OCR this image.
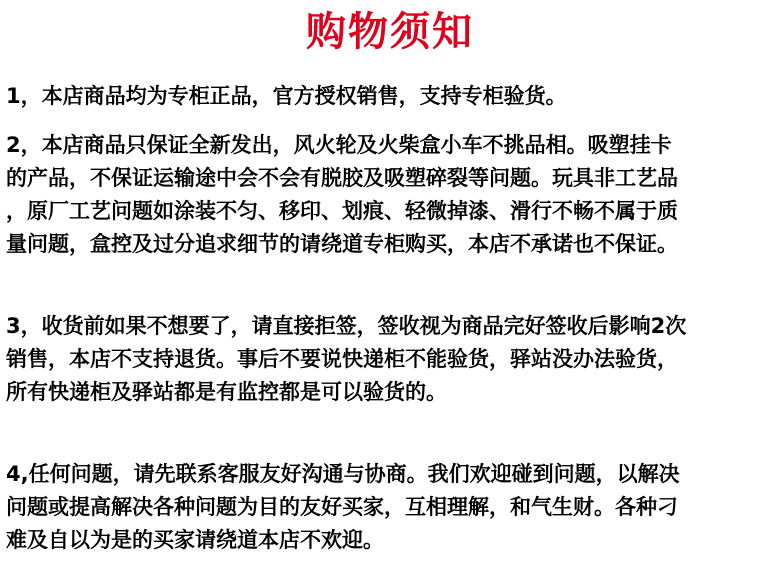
购物须知
1，本店商品均为专柜正品，官方授权销售，支持专柜验货。
2，本店商品只保证全新发出，风火轮及火柴盒小车不挑品相。吸塑挂卡
的产品，不保证运输途中会不会有脱胶及吸塑碎裂等问题。玩具非工艺品
，原厂工艺问题如涂装不匀、移印、划痕、轻微掉漆、滑行不畅不属于质
量问题，盒控及过分追求细节的请绕道专柜购买，本店不承诺也不保证。
3，收货前如果不想要了，请直接拒签，签收视为商品完好签收后影响2次
销售，本店不支持退货。事后不要说快递柜不能验货，驿站没办法验货，
所有快递柜及驿站都是有监控都是可以验货的。
4,任何问题，请先联系客服友好沟通与协商。我们欢迎碰到问题，以解决
问题或提高解决各种问题为目的友好买家，互相理解，和气生财。各种刁
难及自以为是的买家请绕道本店不欢迎。
